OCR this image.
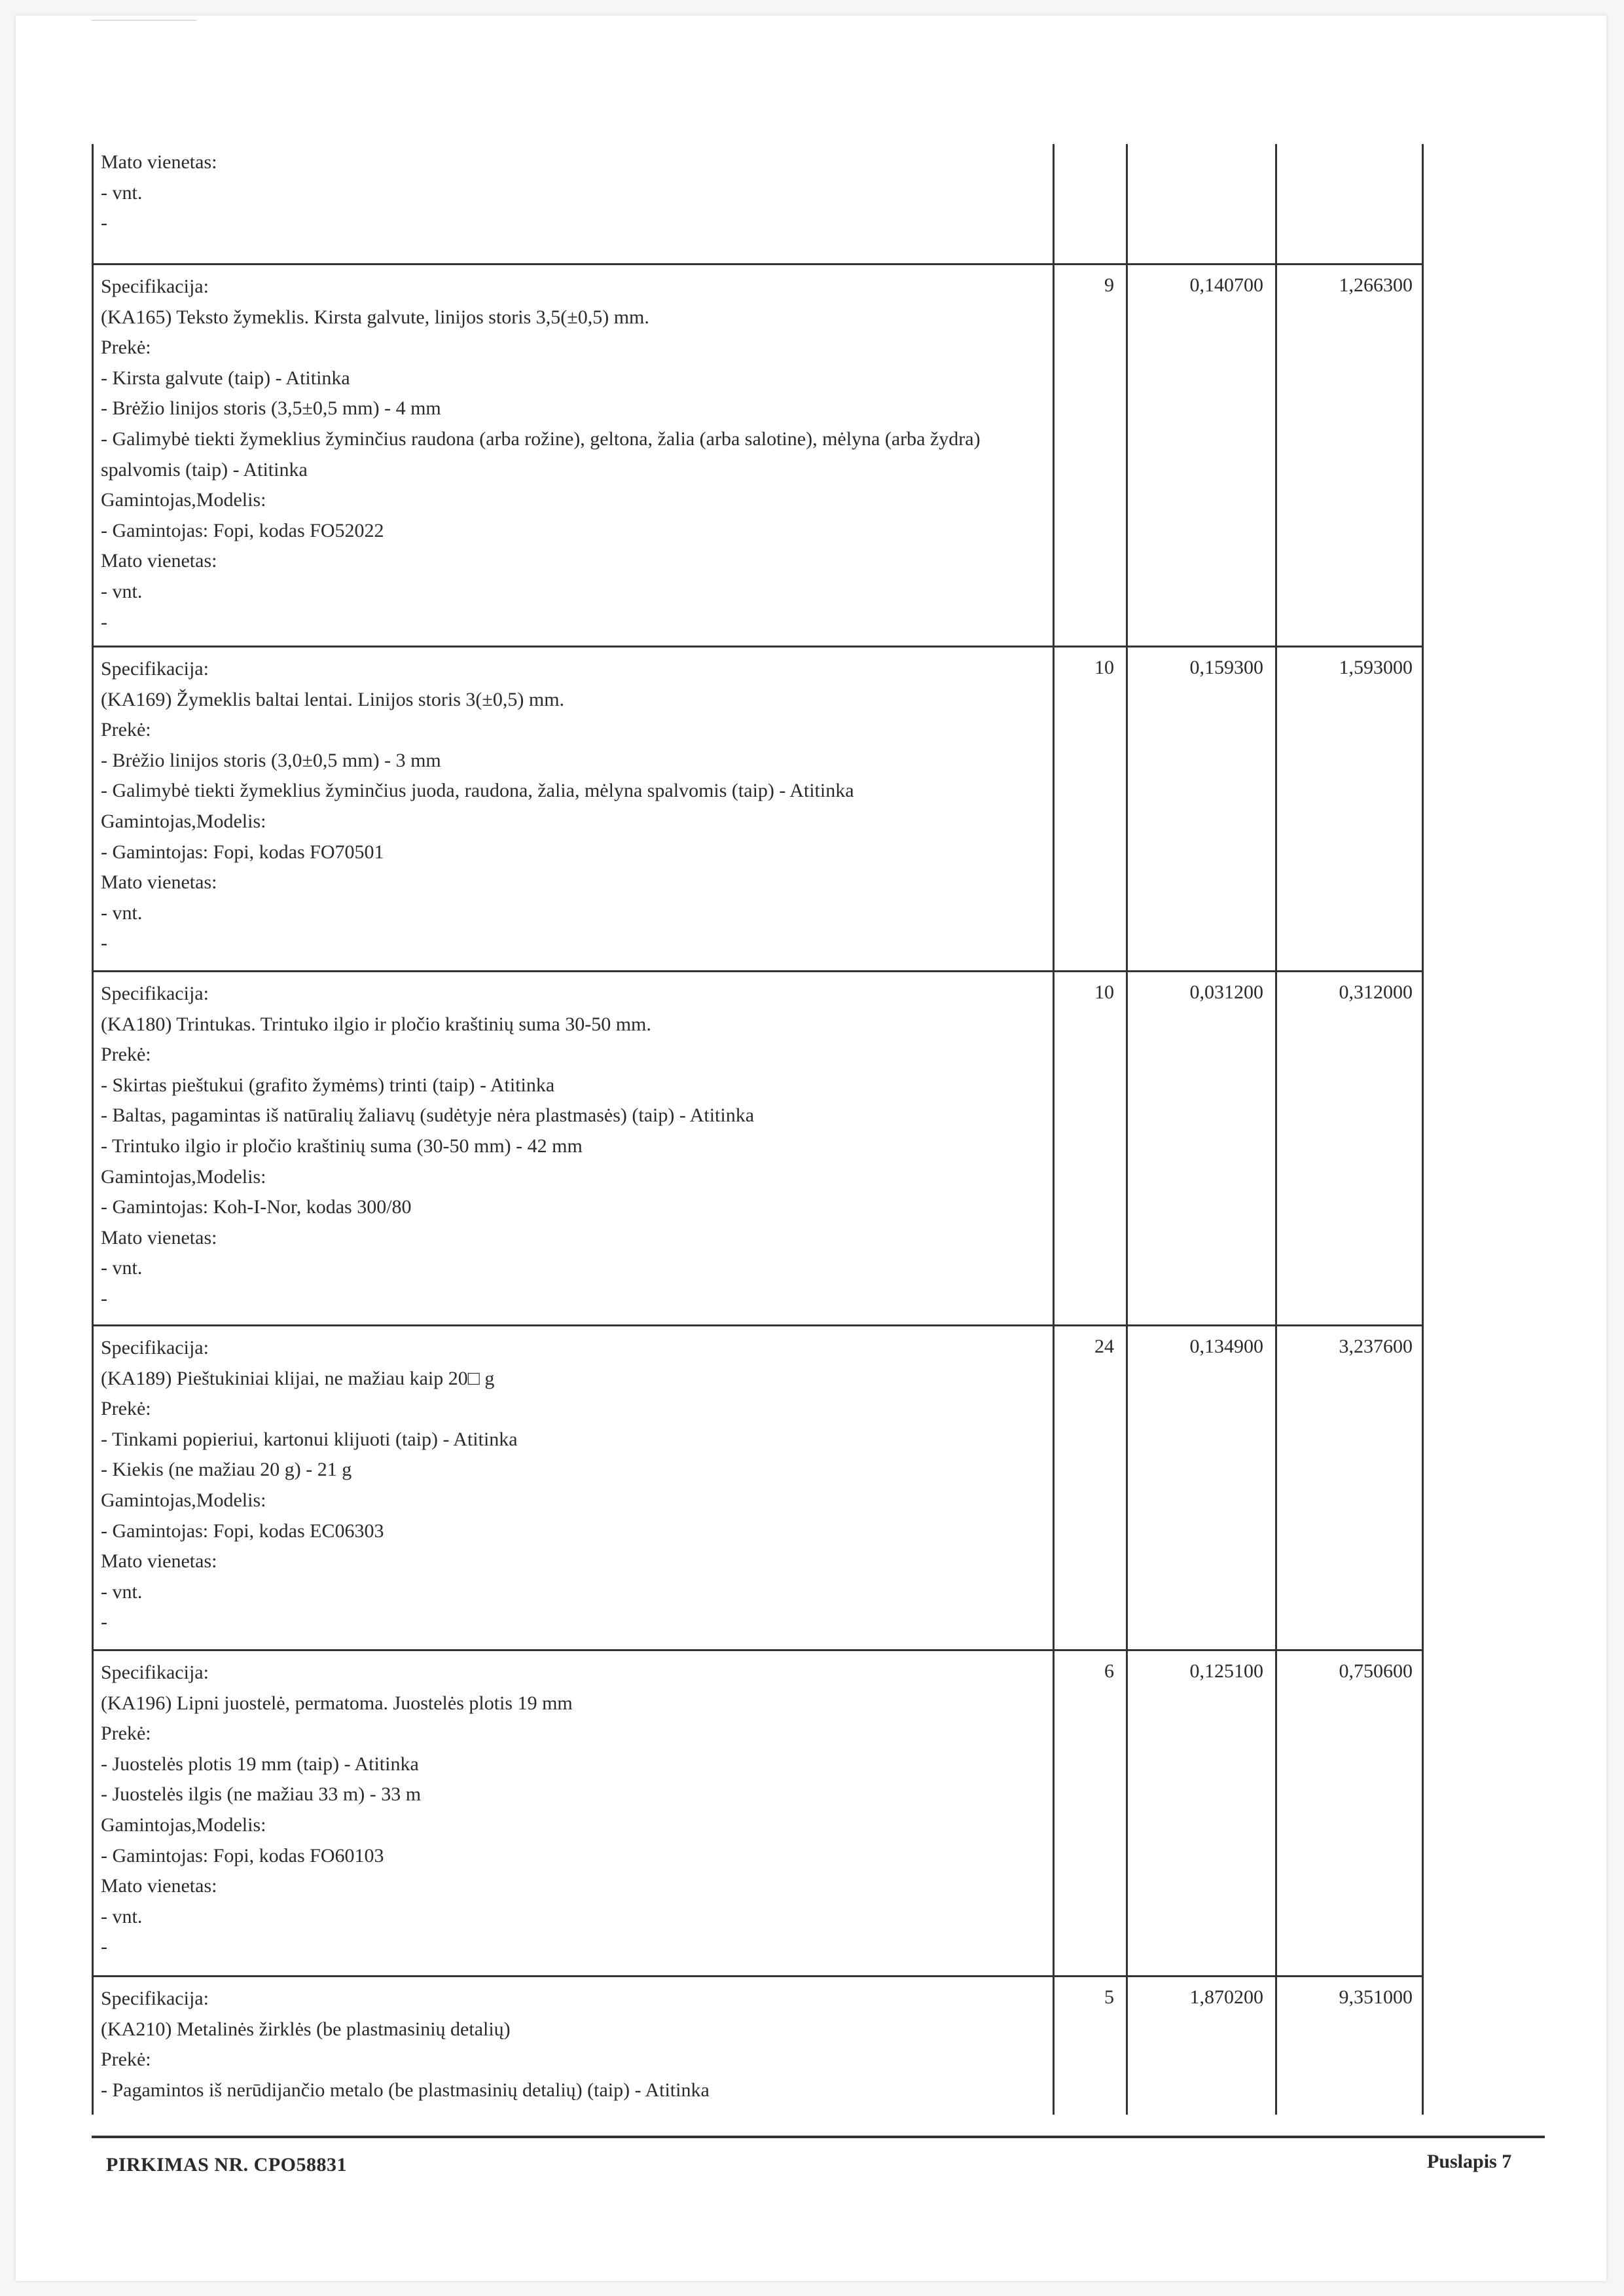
Mato vienetas:
- vnt.
-
Specifikacija:
(KA165) Teksto žymeklis. Kirsta galvute, linijos storis 3,5(±0,5) mm.
Prekė:
- Kirsta galvute (taip) - Atitinka
- Brėžio linijos storis (3,5±0,5 mm) - 4 mm
- Galimybė tiekti žymeklius žyminčius raudona (arba rožine), geltona, žalia (arba salotine), mėlyna (arba žydra)
spalvomis (taip) - Atitinka
Gamintojas,Modelis:
- Gamintojas: Fopi, kodas FO52022
Mato vienetas:
- vnt.
-
9	0,140700	1,266300
Specifikacija:
(KA169) Žymeklis baltai lentai. Linijos storis 3(±0,5) mm.
Prekė:
- Brėžio linijos storis (3,0±0,5 mm) - 3 mm
- Galimybė tiekti žymeklius žyminčius juoda, raudona, žalia, mėlyna spalvomis (taip) - Atitinka
Gamintojas,Modelis:
- Gamintojas: Fopi, kodas FO70501
Mato vienetas:
- vnt.
-
10	0,159300	1,593000
Specifikacija:
(KA180) Trintukas. Trintuko ilgio ir pločio kraštinių suma 30-50 mm.
Prekė:
- Skirtas pieštukui (grafito žymėms) trinti (taip) - Atitinka
- Baltas, pagamintas iš natūralių žaliavų (sudėtyje nėra plastmasės) (taip) - Atitinka
- Trintuko ilgio ir pločio kraštinių suma (30-50 mm) - 42 mm
Gamintojas,Modelis:
- Gamintojas: Koh-I-Nor, kodas 300/80
Mato vienetas:
- vnt.
-
10	0,031200	0,312000
Specifikacija:
(KA189) Pieštukiniai klijai, ne mažiau kaip 20□ g
Prekė:
- Tinkami popieriui, kartonui klijuoti (taip) - Atitinka
- Kiekis (ne mažiau 20 g) - 21 g
Gamintojas,Modelis:
- Gamintojas: Fopi, kodas EC06303
Mato vienetas:
- vnt.
-
24	0,134900	3,237600
Specifikacija:
(KA196) Lipni juostelė, permatoma. Juostelės plotis 19 mm
Prekė:
- Juostelės plotis 19 mm (taip) - Atitinka
- Juostelės ilgis (ne mažiau 33 m) - 33 m
Gamintojas,Modelis:
- Gamintojas: Fopi, kodas FO60103
Mato vienetas:
- vnt.
-
6	0,125100	0,750600
Specifikacija:
(KA210) Metalinės žirklės (be plastmasinių detalių)
Prekė:
- Pagamintos iš nerūdijančio metalo (be plastmasinių detalių) (taip) - Atitinka
5	1,870200	9,351000
PIRKIMAS NR. CPO58831	Puslapis 7
